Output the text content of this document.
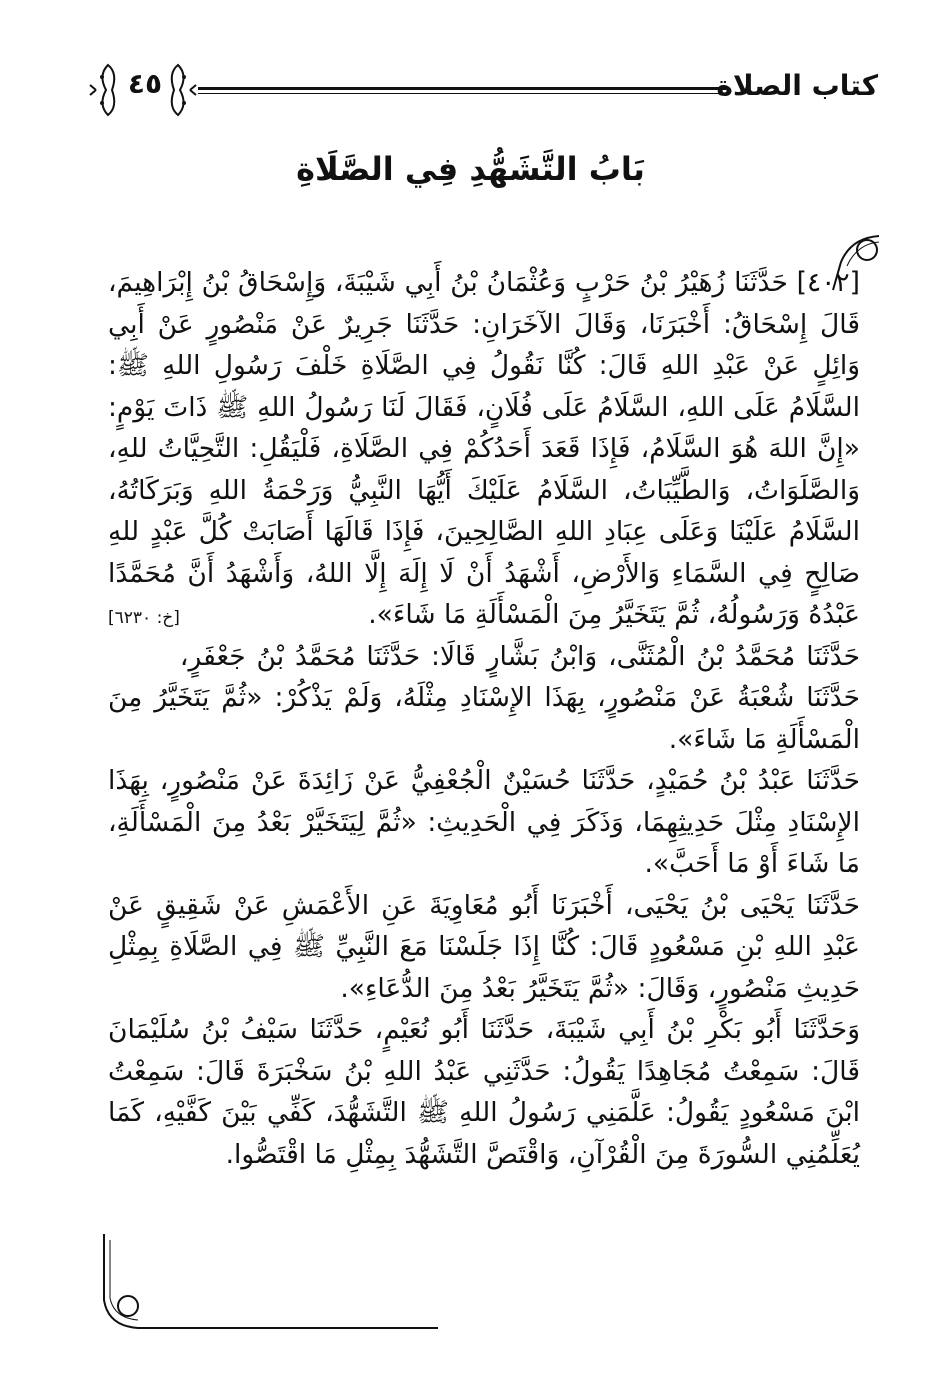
كتاب الصلاة
٤٥
بَابُ التَّشَهُّدِ فِي الصَّلَاةِ

[٤٠٢] حَدَّثَنَا زُهَيْرُ بْنُ حَرْبٍ وَعُثْمَانُ بْنُ أَبِي شَيْبَةَ، وَإِسْحَاقُ بْنُ إِبْرَاهِيمَ، قَالَ إِسْحَاقُ: أَخْبَرَنَا، وَقَالَ الآخَرَانِ: حَدَّثَنَا جَرِيرٌ عَنْ مَنْصُورٍ عَنْ أَبِي وَائِلٍ عَنْ عَبْدِ اللهِ قَالَ: كُنَّا نَقُولُ فِي الصَّلَاةِ خَلْفَ رَسُولِ اللهِ ﷺ: السَّلَامُ عَلَى اللهِ، السَّلَامُ عَلَى فُلَانٍ، فَقَالَ لَنَا رَسُولُ اللهِ ﷺ ذَاتَ يَوْمٍ: «إِنَّ اللهَ هُوَ السَّلَامُ، فَإِذَا قَعَدَ أَحَدُكُمْ فِي الصَّلَاةِ، فَلْيَقُلِ: التَّحِيَّاتُ للهِ، وَالصَّلَوَاتُ، وَالطَّيِّبَاتُ، السَّلَامُ عَلَيْكَ أَيُّهَا النَّبِيُّ وَرَحْمَةُ اللهِ وَبَرَكَاتُهُ، السَّلَامُ عَلَيْنَا وَعَلَى عِبَادِ اللهِ الصَّالِحِينَ، فَإِذَا قَالَهَا أَصَابَتْ كُلَّ عَبْدٍ للهِ صَالِحٍ فِي السَّمَاءِ وَالأَرْضِ، أَشْهَدُ أَنْ لَا إِلَهَ إِلَّا اللهُ، وَأَشْهَدُ أَنَّ مُحَمَّدًا عَبْدُهُ وَرَسُولُهُ، ثُمَّ يَتَخَيَّرُ مِنَ الْمَسْأَلَةِ مَا شَاءَ».
[خ: ٦٢٣٠]

حَدَّثَنَا مُحَمَّدُ بْنُ الْمُثَنَّى، وَابْنُ بَشَّارٍ قَالَا: حَدَّثَنَا مُحَمَّدُ بْنُ جَعْفَرٍ، حَدَّثَنَا شُعْبَةُ عَنْ مَنْصُورٍ، بِهَذَا الإِسْنَادِ مِثْلَهُ، وَلَمْ يَذْكُرْ: «ثُمَّ يَتَخَيَّرُ مِنَ الْمَسْأَلَةِ مَا شَاءَ».

حَدَّثَنَا عَبْدُ بْنُ حُمَيْدٍ، حَدَّثَنَا حُسَيْنٌ الْجُعْفِيُّ عَنْ زَائِدَةَ عَنْ مَنْصُورٍ، بِهَذَا الإِسْنَادِ مِثْلَ حَدِيثِهِمَا، وَذَكَرَ فِي الْحَدِيثِ: «ثُمَّ لِيَتَخَيَّرْ بَعْدُ مِنَ الْمَسْأَلَةِ، مَا شَاءَ أَوْ مَا أَحَبَّ».

حَدَّثَنَا يَحْيَى بْنُ يَحْيَى، أَخْبَرَنَا أَبُو مُعَاوِيَةَ عَنِ الأَعْمَشِ عَنْ شَقِيقٍ عَنْ عَبْدِ اللهِ بْنِ مَسْعُودٍ قَالَ: كُنَّا إِذَا جَلَسْنَا مَعَ النَّبِيِّ ﷺ فِي الصَّلَاةِ بِمِثْلِ حَدِيثِ مَنْصُورٍ، وَقَالَ: «ثُمَّ يَتَخَيَّرُ بَعْدُ مِنَ الدُّعَاءِ».

وَحَدَّثَنَا أَبُو بَكْرِ بْنُ أَبِي شَيْبَةَ، حَدَّثَنَا أَبُو نُعَيْمٍ، حَدَّثَنَا سَيْفُ بْنُ سُلَيْمَانَ قَالَ: سَمِعْتُ مُجَاهِدًا يَقُولُ: حَدَّثَنِي عَبْدُ اللهِ بْنُ سَخْبَرَةَ قَالَ: سَمِعْتُ ابْنَ مَسْعُودٍ يَقُولُ: عَلَّمَنِي رَسُولُ اللهِ ﷺ التَّشَهُّدَ، كَفِّي بَيْنَ كَفَّيْهِ، كَمَا يُعَلِّمُنِي السُّورَةَ مِنَ الْقُرْآنِ، وَاقْتَصَّ التَّشَهُّدَ بِمِثْلِ مَا اقْتَصُّوا.
